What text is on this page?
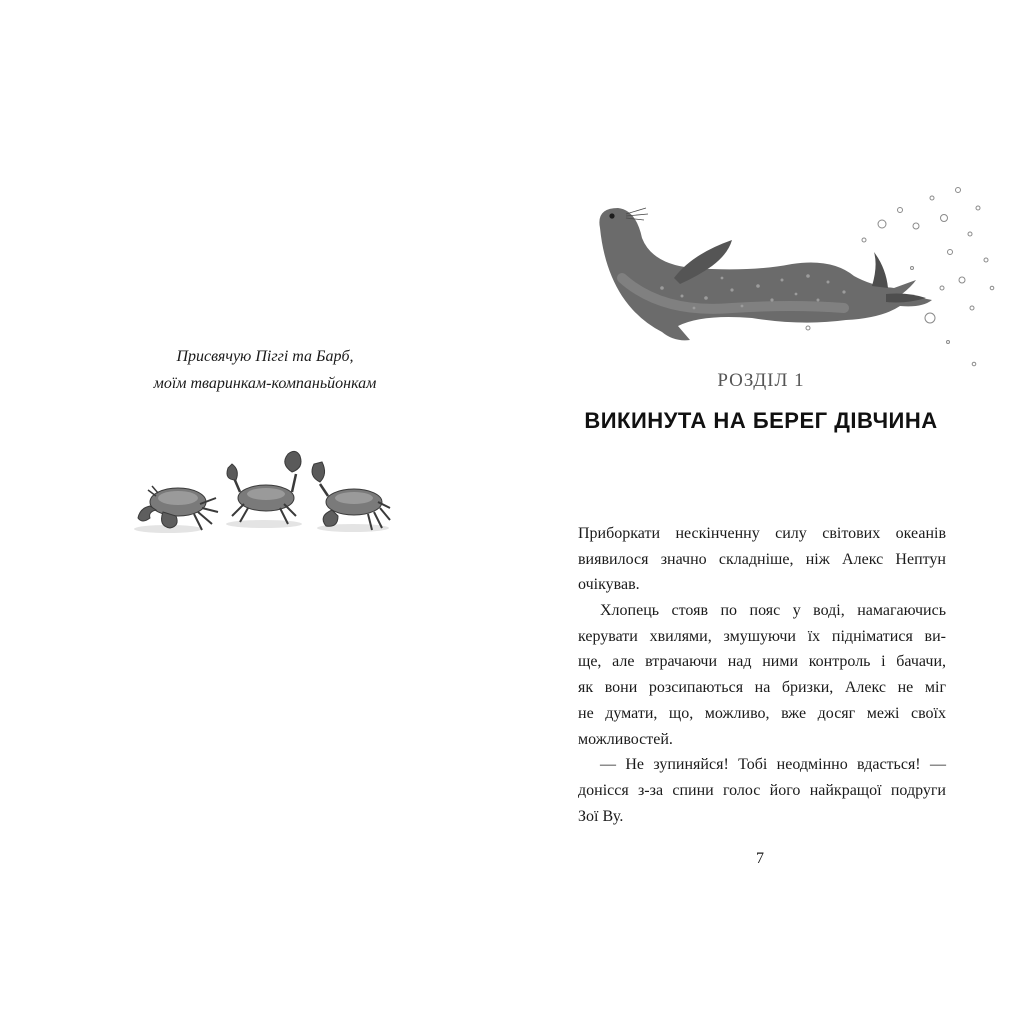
Присвячую Піггі та Барб,
моїм тваринкам-компаньйонкам	РОЗДІЛ 1
ВИКИНУТА НА БЕРЕГ ДІВЧИНА
Приборкати нескінченну силу світових океанів
виявилося значно складніше, ніж Алекс Нептун
очікував.
Хлопець стояв по пояс у воді, намагаючись
керувати хвилями, змушуючи їх підніматися ви-
ще, але втрачаючи над ними контроль і бачачи,
як вони розсипаються на бризки, Алекс не міг
не думати, що, можливо, вже досяг межі своїх
можливостей.
— Не зупиняйся! Тобі неодмінно вдасться! —
донісся з-за спини голос його найкращої подруги
Зої Ву.
7
